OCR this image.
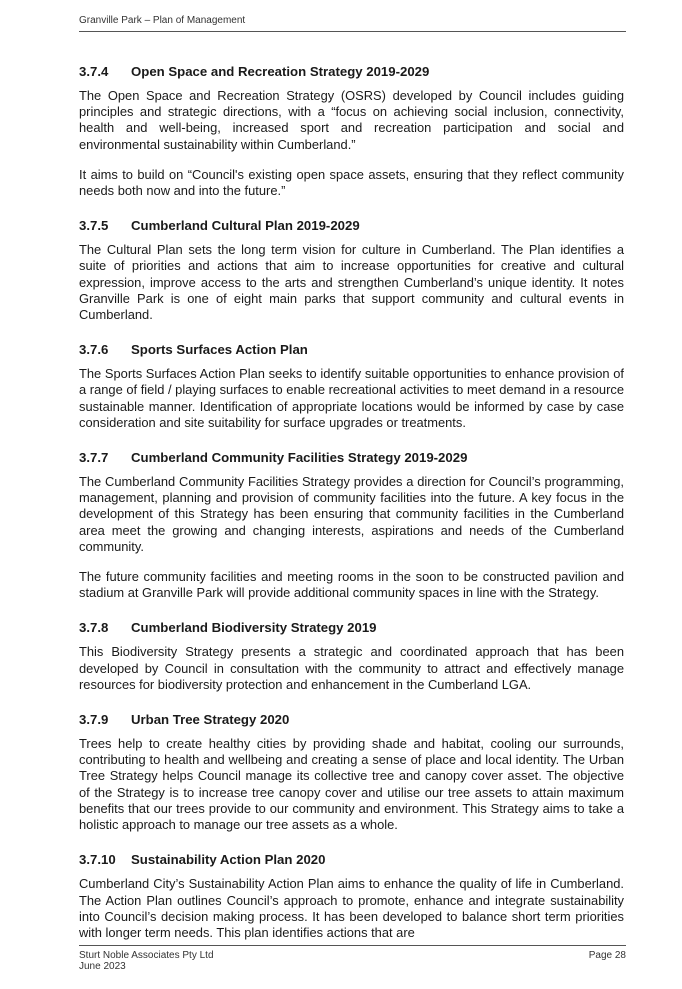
Granville Park – Plan of Management
3.7.4	Open Space and Recreation Strategy 2019-2029

The Open Space and Recreation Strategy (OSRS) developed by Council includes guiding principles and strategic directions, with a “focus on achieving social inclusion, connectivity, health and well-being, increased sport and recreation participation and social and environmental sustainability within Cumberland.”

It aims to build on “Council's existing open space assets, ensuring that they reflect community needs both now and into the future.”

3.7.5	Cumberland Cultural Plan 2019-2029

The Cultural Plan sets the long term vision for culture in Cumberland. The Plan identifies a suite of priorities and actions that aim to increase opportunities for creative and cultural expression, improve access to the arts and strengthen Cumberland’s unique identity. It notes Granville Park is one of eight main parks that support community and cultural events in Cumberland.

3.7.6	Sports Surfaces Action Plan

The Sports Surfaces Action Plan seeks to identify suitable opportunities to enhance provision of a range of field / playing surfaces to enable recreational activities to meet demand in a resource sustainable manner. Identification of appropriate locations would be informed by case by case consideration and site suitability for surface upgrades or treatments.

3.7.7	Cumberland Community Facilities Strategy 2019-2029

The Cumberland Community Facilities Strategy provides a direction for Council’s programming, management, planning and provision of community facilities into the future. A key focus in the development of this Strategy has been ensuring that community facilities in the Cumberland area meet the growing and changing interests, aspirations and needs of the Cumberland community.

The future community facilities and meeting rooms in the soon to be constructed pavilion and stadium at Granville Park will provide additional community spaces in line with the Strategy.

3.7.8	Cumberland Biodiversity Strategy 2019

This Biodiversity Strategy presents a strategic and coordinated approach that has been developed by Council in consultation with the community to attract and effectively manage resources for biodiversity protection and enhancement in the Cumberland LGA.

3.7.9	Urban Tree Strategy 2020

Trees help to create healthy cities by providing shade and habitat, cooling our surrounds, contributing to health and wellbeing and creating a sense of place and local identity. The Urban Tree Strategy helps Council manage its collective tree and canopy cover asset. The objective of the Strategy is to increase tree canopy cover and utilise our tree assets to attain maximum benefits that our trees provide to our community and environment. This Strategy aims to take a holistic approach to manage our tree assets as a whole.

3.7.10	Sustainability Action Plan 2020

Cumberland City’s Sustainability Action Plan aims to enhance the quality of life in Cumberland. The Action Plan outlines Council’s approach to promote, enhance and integrate sustainability into Council’s decision making process. It has been developed to balance short term priorities with longer term needs. This plan identifies actions that are

Sturt Noble Associates Pty Ltd	Page 28
June 2023
